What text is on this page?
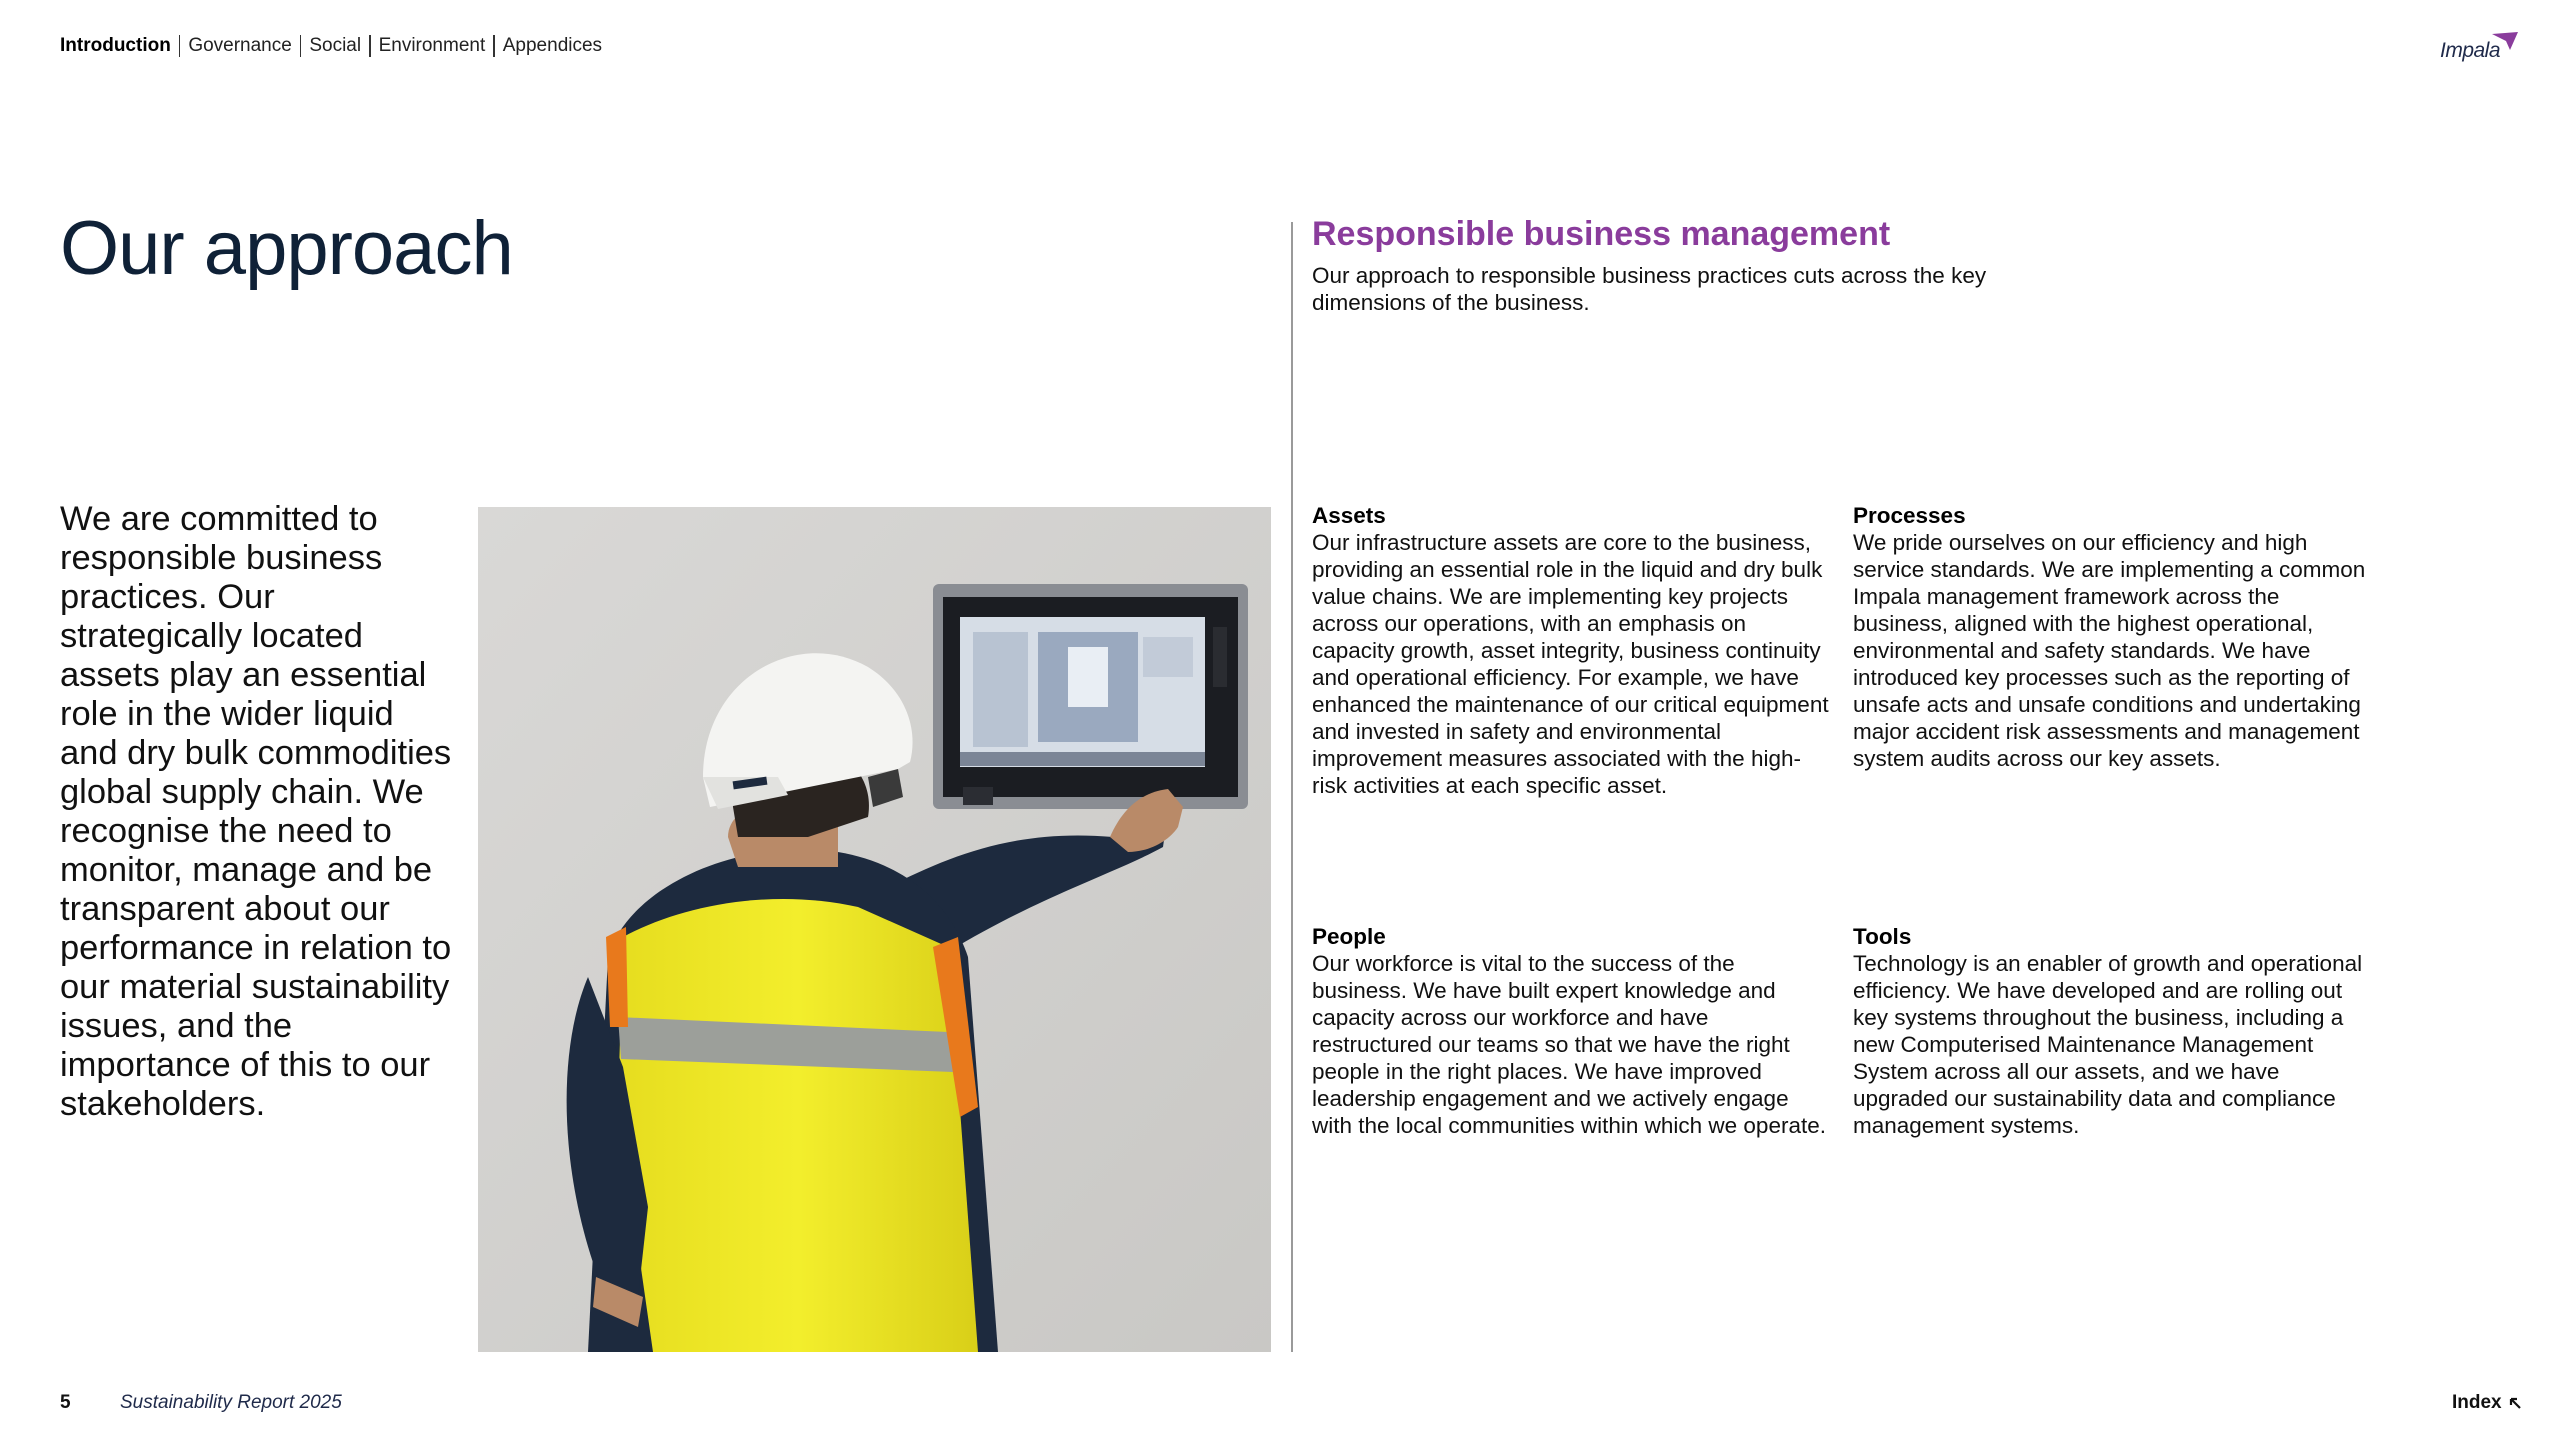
Introduction Governance Social Environment Appendices	Impala
Our approach

We are committed to responsible business practices. Our strategically located assets play an essential role in the wider liquid and dry bulk commodities global supply chain. We recognise the need to monitor, manage and be transparent about our performance in relation to our material sustainability issues, and the importance of this to our stakeholders.

Responsible business management

Our approach to responsible business practices cuts across the key dimensions of the business.

Assets

Our infrastructure assets are core to the business, providing an essential role in the liquid and dry bulk value chains. We are implementing key projects across our operations, with an emphasis on capacity growth, asset integrity, business continuity and operational efficiency. For example, we have enhanced the maintenance of our critical equipment and invested in safety and environmental improvement measures associated with the high-risk activities at each specific asset.

Processes

We pride ourselves on our efficiency and high service standards. We are implementing a common Impala management framework across the business, aligned with the highest operational, environmental and safety standards. We have introduced key processes such as the reporting of unsafe acts and unsafe conditions and undertaking major accident risk assessments and management system audits across our key assets.

People

Our workforce is vital to the success of the business. We have built expert knowledge and capacity across our workforce and have restructured our teams so that we have the right people in the right places. We have improved leadership engagement and we actively engage with the local communities within which we operate.

Tools

Technology is an enabler of growth and operational efficiency. We have developed and are rolling out key systems throughout the business, including a new Computerised Maintenance Management System across all our assets, and we have upgraded our sustainability data and compliance management systems.

5	Sustainability Report 2025	Index
